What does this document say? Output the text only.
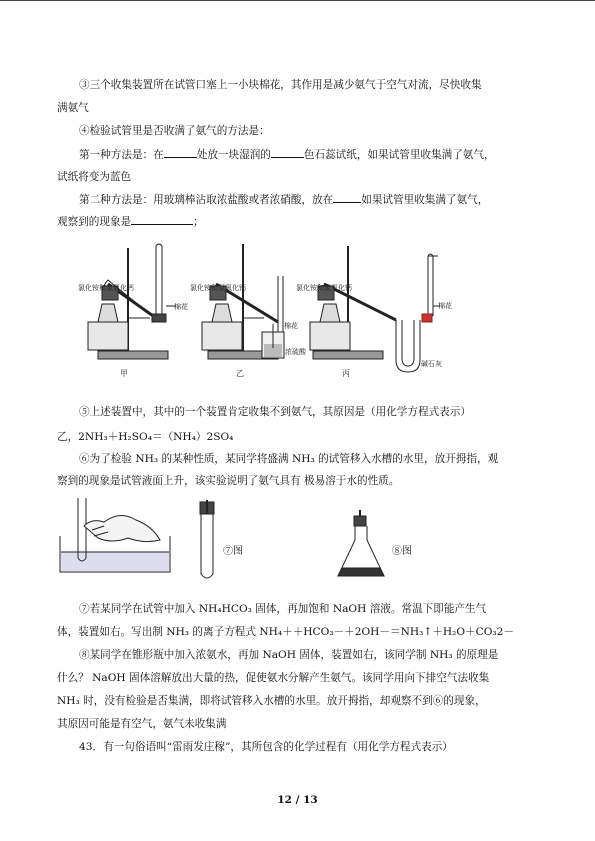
③三个收集装置所在试管口塞上一小块棉花，其作用是减少氨气于空气对流，尽快收集
满氨气
④检验试管里是否收满了氨气的方法是：
第一种方法是：在	处放一块湿润的	色石蕊试纸，如果试管里收集满了氨气，
试纸将变为蓝色
第二种方法是：用玻璃棒沾取浓盐酸或者浓硝酸，放在	如果试管里收集满了氨气，
观察到的现象是	；
氯化铵和氢氧化钙
棉花
甲
氯化铵和氢氧化钙
棉花
浓硫酸
乙
氯化铵和氢氧化钙
棉花
碱石灰
丙
⑤上述装置中，其中的一个装置肯定收集不到氨气，其原因是（用化学方程式表示）
乙，2NH₃＋H₂SO₄＝（NH₄）2SO₄
⑥为了检验 NH₃ 的某种性质，某同学将盛满 NH₃ 的试管移入水槽的水里，放开拇指，观
察到的现象是试管液面上升，该实验说明了氨气具有 极易溶于水的性质。
⑦图	⑧图
⑦若某同学在试管中加入 NH₄HCO₃ 固体，再加饱和 NaOH 溶液。常温下即能产生气
体，装置如右。写出制 NH₃ 的离子方程式 NH₄＋＋HCO₃－＋2OH－＝NH₃↑＋H₂O＋CO₃2－
⑧某同学在锥形瓶中加入浓氨水，再加 NaOH 固体，装置如右，该同学制 NH₃ 的原理是
什么？ NaOH 固体溶解放出大量的热，促使氨水分解产生氨气。该同学用向下排空气法收集
NH₃ 时，没有检验是否集满，即将试管移入水槽的水里。放开拇指，却观察不到⑥的现象，
其原因可能是有空气，氨气未收集满
43．有一句俗语叫“雷雨发庄稼”，其所包含的化学过程有（用化学方程式表示）
12 / 13
